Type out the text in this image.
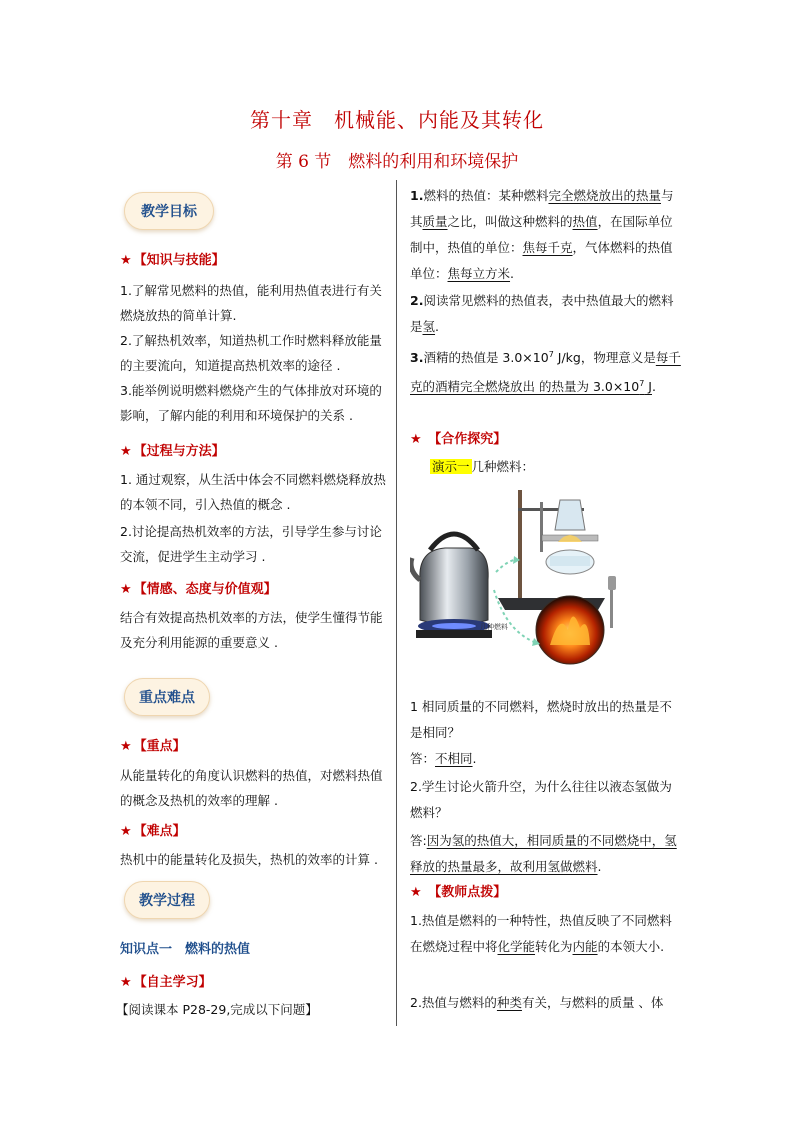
第十章　机械能、内能及其转化
第 6 节　燃料的利用和环境保护
教学目标
★ 【知识与技能】
1.了解常见燃料的热值，能利用热值表进行有关燃烧放热的简单计算.
2.了解热机效率，知道热机工作时燃料释放能量的主要流向，知道提高热机效率的途径 .
3.能举例说明燃料燃烧产生的气体排放对环境的影响，了解内能的利用和环境保护的关系 .
★ 【过程与方法】
1. 通过观察，从生活中体会不同燃料燃烧释放热的本领不同，引入热值的概念 .
2.讨论提高热机效率的方法，引导学生参与讨论交流，促进学生主动学习 .
★ 【情感、态度与价值观】
结合有效提高热机效率的方法，使学生懂得节能及充分利用能源的重要意义 .
重点难点
★ 【重点】
从能量转化的角度认识燃料的热值，对燃料热值的概念及热机的效率的理解 .
★ 【难点】
热机中的能量转化及损失，热机的效率的计算 .
教学过程
知识点一　燃料的热值
★ 【自主学习】
【阅读课本 P28-29,完成以下问题】
1.燃料的热值：某种燃料完全燃烧放出的热量与其质量之比，叫做这种燃料的热值，在国际单位制中，热值的单位：焦每千克，气体燃料的热值单位：焦每立方米.
2.阅读常见燃料的热值表，表中热值最大的燃料是氢.
3.酒精的热值是 $3.0\times 10^7$ J/kg，物理意义是每千克的酒精完全燃烧放出 的热量为 $3.0\times 10^7$ J.
★ 【合作探究】
演示一 几种燃料：
几种燃料
1 相同质量的不同燃料，燃烧时放出的热量是不是相同？
答：不相同.
2.学生讨论火箭升空，为什么往往以液态氢做为燃料？
答:因为氢的热值大，相同质量的不同燃烧中，氢释放的热量最多，故利用氢做燃料.
★ 【教师点拨】
1.热值是燃料的一种特性，热值反映了不同燃料在燃烧过程中将化学能转化为内能的本领大小.
2.热值与燃料的种类有关，与燃料的质量 、体
